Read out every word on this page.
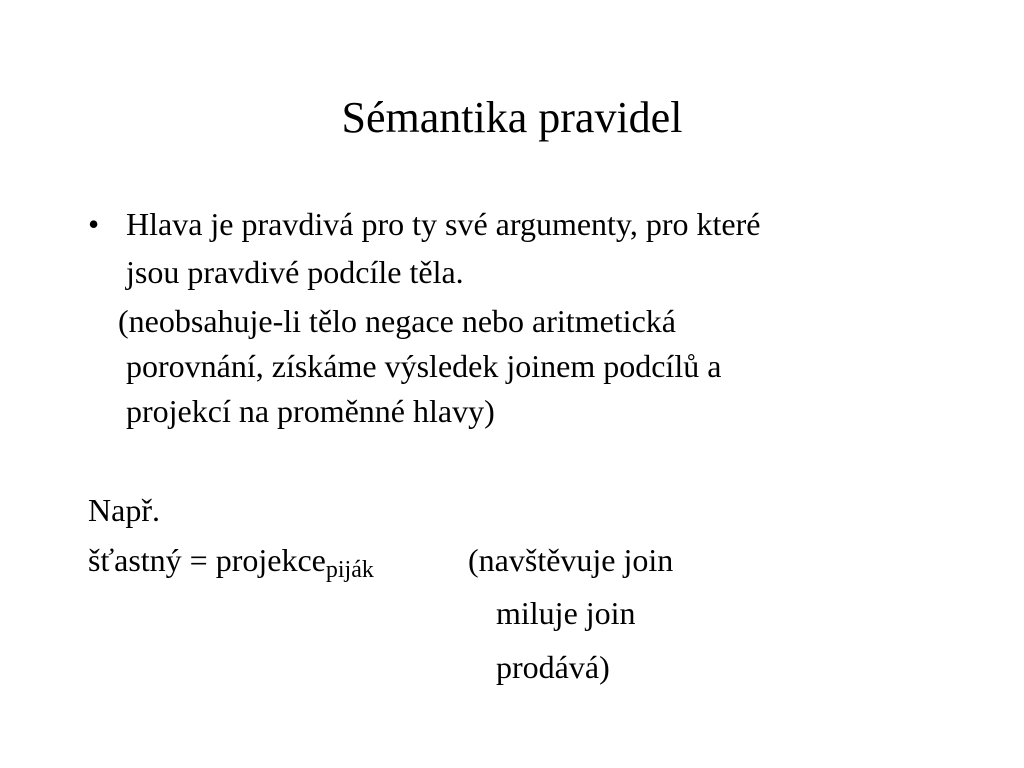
Sémantika pravidel
• Hlava je pravdivá pro ty své argumenty, pro které
jsou pravdivé podcíle těla.
(neobsahuje-li tělo negace nebo aritmetická
porovnání, získáme výsledek joinem podcílů a
projekcí na proměnné hlavy)
Např.
šťastný = projekce$_{piják}$	(navštěvuje join
miluje join
prodává)
